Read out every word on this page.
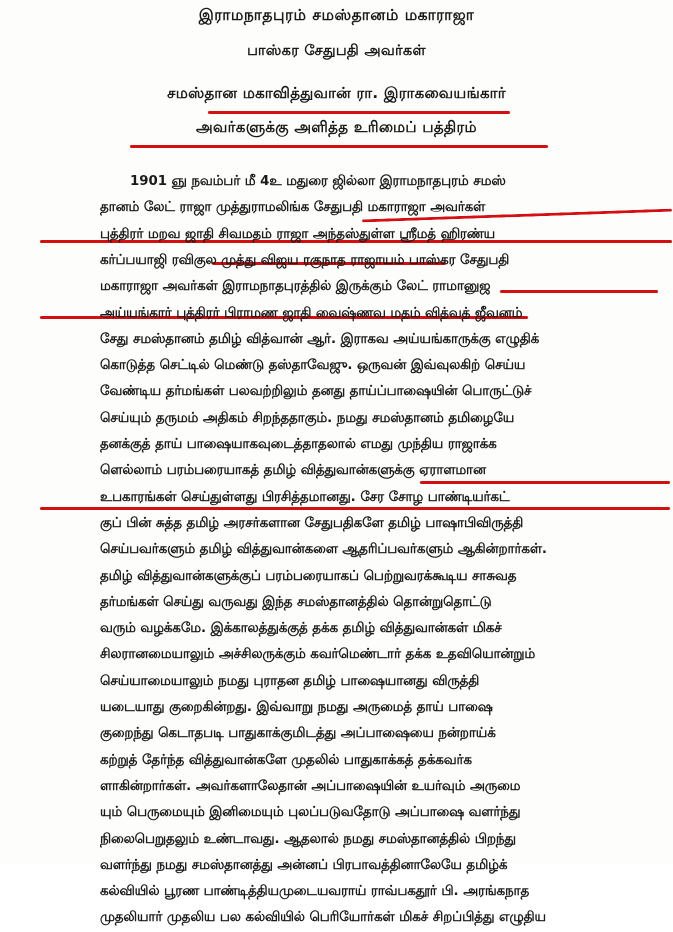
இராமநாதபுரம் சமஸ்தானம் மகாராஜா
பாஸ்கர சேதுபதி அவர்கள்
சமஸ்தான மகாவித்துவான் ரா. இராகவையங்கார்
அவர்களுக்கு அளித்த உரிமைப் பத்திரம்
1901 ஞு நவம்பர் மீ 4உ மதுரை ஜில்லா இராமநாதபுரம் சமஸ்
தானம் லேட் ராஜா முத்துராமலிங்க சேதுபதி மகாராஜா அவர்கள்
புத்திரர் மறவ ஜாதி சிவமதம் ராஜா அந்தஸ்துள்ள ஸ்ரீமத் ஹிரண்ய
கர்ப்பயாஜி ரவிகுல முத்து விஜய ரகுநாத ராஜாயம் பாஸ்கர சேதுபதி
மகாராஜா அவர்கள் இராமநாதபுரத்தில் இருக்கும் லேட் ராமானுஜ
அய்யங்கார் புத்திரர் பிராமண ஜாதி வைஷ்ணவ மதம் வித்வத் ஜீவனம்
சேது சமஸ்தானம் தமிழ் வித்வான் ஆர். இராகவ அய்யங்காருக்கு எழுதிக்
கொடுத்த செட்டில் மெண்டு தஸ்தாவேஜு. ஒருவன் இவ்வுலகிற் செய்ய
வேண்டிய தர்மங்கள் பலவற்றிலும் தனது தாய்ப்பாஷையின் பொருட்டுச்
செய்யும் தருமம் அதிகம் சிறந்ததாகும். நமது சமஸ்தானம் தமிழையே
தனக்குத் தாய் பாஷையாகவுடைத்தாதலால் எமது முந்திய ராஜாக்க
ளெல்லாம் பரம்பரையாகத் தமிழ் வித்துவான்களுக்கு ஏராளமான
உபகாரங்கள் செய்துள்ளது பிரசித்தமானது. சேர சோழ பாண்டியர்கட்
குப் பின் சுத்த தமிழ் அரசர்களான சேதுபதிகளே தமிழ் பாஷாபிவிருத்தி
செய்பவர்களும் தமிழ் வித்துவான்களை ஆதரிப்பவர்களும் ஆகின்றார்கள்.
தமிழ் வித்துவான்களுக்குப் பரம்பரையாகப் பெற்றுவரக்கூடிய சாசுவத
தர்மங்கள் செய்து வருவது இந்த சமஸ்தானத்தில் தொன்றுதொட்டு
வரும் வழக்கமே. இக்காலத்துக்குத் தக்க தமிழ் வித்துவான்கள் மிகச்
சிலரானமையாலும் அச்சிலருக்கும் கவர்மெண்டார் தக்க உதவியொன்றும்
செய்யாமையாலும் நமது புராதன தமிழ் பாஷையானது விருத்தி
யடையாது குறைகின்றது. இவ்வாறு நமது அருமைத் தாய் பாஷை
குறைந்து கெடாதபடி பாதுகாக்குமிடத்து அப்பாஷையை நன்றாய்க்
கற்றுத் தேர்ந்த வித்துவான்களே முதலில் பாதுகாக்கத் தக்கவர்க
ளாகின்றார்கள். அவர்களாலேதான் அப்பாஷையின் உயர்வும் அருமை
யும் பெருமையும் இனிமையும் புலப்படுவதோடு அப்பாஷை வளர்ந்து
நிலைபெறுதலும் உண்டாவது. ஆதலால் நமது சமஸ்தானத்தில் பிறந்து
வளர்ந்து நமது சமஸ்தானத்து அன்னப் பிரபாவத்தினாலேயே தமிழ்க்
கல்வியில் பூரண பாண்டித்தியமுடையவராய் ராவ்பகதூர் பி. அரங்கநாத
முதலியார் முதலிய பல கல்வியில் பெரியோர்கள் மிகச் சிறப்பித்து எழுதிய
